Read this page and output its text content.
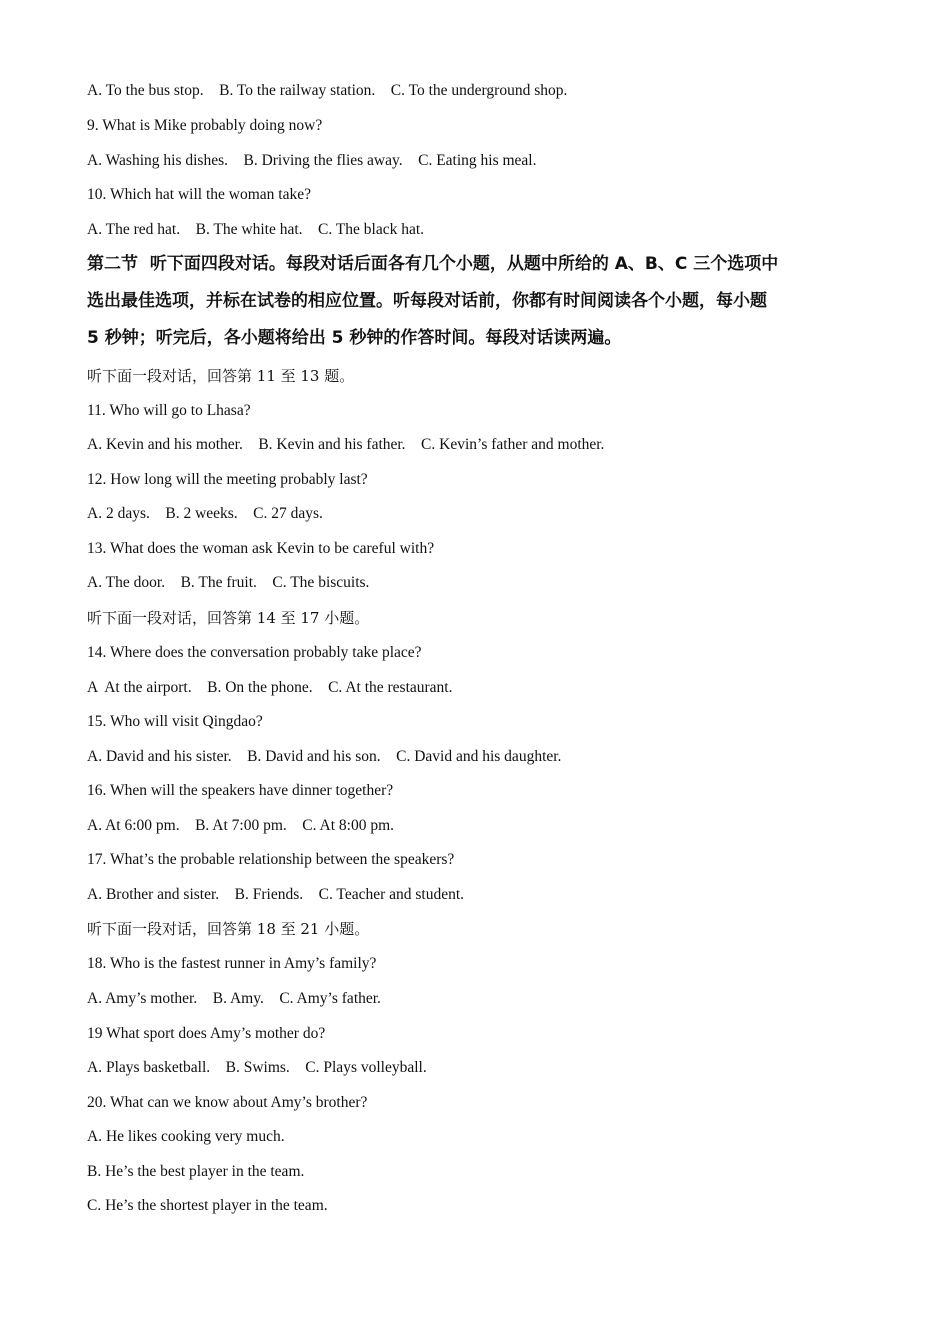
A. To the bus stop.    B. To the railway station.    C. To the underground shop.
9. What is Mike probably doing now?
A. Washing his dishes.    B. Driving the flies away.    C. Eating his meal.
10. Which hat will the woman take?
A. The red hat.    B. The white hat.    C. The black hat.
第二节  听下面四段对话。每段对话后面各有几个小题，从题中所给的 A、B、C 三个选项中
选出最佳选项，并标在试卷的相应位置。听每段对话前，你都有时间阅读各个小题，每小题
5 秒钟；听完后，各小题将给出 5 秒钟的作答时间。每段对话读两遍。
听下面一段对话，回答第 11 至 13 题。
11. Who will go to Lhasa?
A. Kevin and his mother.    B. Kevin and his father.    C. Kevin’s father and mother.
12. How long will the meeting probably last?
A. 2 days.    B. 2 weeks.    C. 27 days.
13. What does the woman ask Kevin to be careful with?
A. The door.    B. The fruit.    C. The biscuits.
听下面一段对话，回答第 14 至 17 小题。
14. Where does the conversation probably take place?
A  At the airport.    B. On the phone.    C. At the restaurant.
15. Who will visit Qingdao?
A. David and his sister.    B. David and his son.    C. David and his daughter.
16. When will the speakers have dinner together?
A. At 6:00 pm.    B. At 7:00 pm.    C. At 8:00 pm.
17. What’s the probable relationship between the speakers?
A. Brother and sister.    B. Friends.    C. Teacher and student.
听下面一段对话，回答第 18 至 21 小题。
18. Who is the fastest runner in Amy’s family?
A. Amy’s mother.    B. Amy.    C. Amy’s father.
19 What sport does Amy’s mother do?
A. Plays basketball.    B. Swims.    C. Plays volleyball.
20. What can we know about Amy’s brother?
A. He likes cooking very much.
B. He’s the best player in the team.
C. He’s the shortest player in the team.
